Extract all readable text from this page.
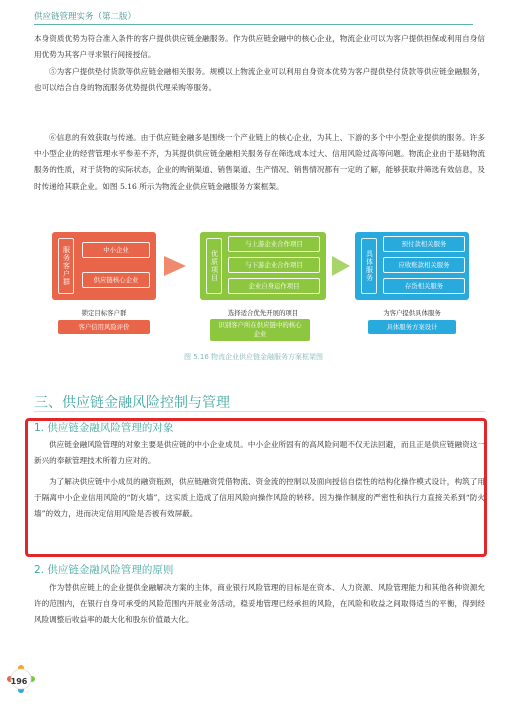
供应链管理实务（第二版）

本身资质优势为符合准入条件的客户提供供应链金融服务。作为供应链金融中的核心企业，物流企业可以为客户提供担保或利用自身信用优势为其客户寻求银行间接授信。

⑤为客户提供垫付货款等供应链金融相关服务。规模以上物流企业可以利用自身资本优势为客户提供垫付货款等供应链金融服务，也可以结合自身的物流服务优势提供代理采购等服务。

⑥信息的有效获取与传递。由于供应链金融多是围绕一个产业链上的核心企业，为其上、下游的多个中小型企业提供的服务。许多中小型企业的经营管理水平参差不齐，为其提供供应链金融相关服务存在筛选成本过大、信用风险过高等问题。物流企业由于基础物流服务的性质，对于货物的实际状态，企业的购销渠道、销售渠道、生产情况、销售情况都有一定的了解，能够获取并筛选有效信息，及时传递给其联企业。如图 5.16 所示为物流企业供应链金融服务方案框架。

服务客户群	中小企业
供应链核心企业	优质项目
与上游企业合作项目
与下游企业合作项目
企业自身运作项目
具体服务
预付款相关服务
应收账款相关服务
存货相关服务
锁定目标客户群	选择适合优先开展的项目	为客户提供具体服务
客户信用风险评价	识别客户所在供应链中的核心企业
具体服务方案设计
图 5.16 物流企业供应链金融服务方案框架图
三、供应链金融风险控制与管理
1. 供应链金融风险管理的对象

供应链金融风险管理的对象主要是供应链的中小企业成员。中小企业所固有的高风险问题不仅无法回避，而且正是供应链融资这一新兴的奉献管理技术所着力应对的。

为了解决供应链中小成员的融资瓶颈，供应链融资凭借物流、资金流的控制以及面向授信自偿性的结构化操作模式设计，构筑了用于隔离中小企业信用风险的“防火墙”，这实质上造成了信用风险向操作风险的转移。因为操作制度的严密性和执行力直接关系到“防火墙”的效力，进而决定信用风险是否被有效屏蔽。

2. 供应链金融风险管理的原则

作为替供应链上的企业提供金融解决方案的主体，商业银行风险管理的目标是在资本、人力资源、风险管理能力和其他各种资源允许的范围内，在银行自身可承受的风险范围内开展业务活动，稳妥地管理已经承担的风险，在风险和收益之间取得适当的平衡，得到经风险调整后收益率的最大化和股东价值最大化。

196
